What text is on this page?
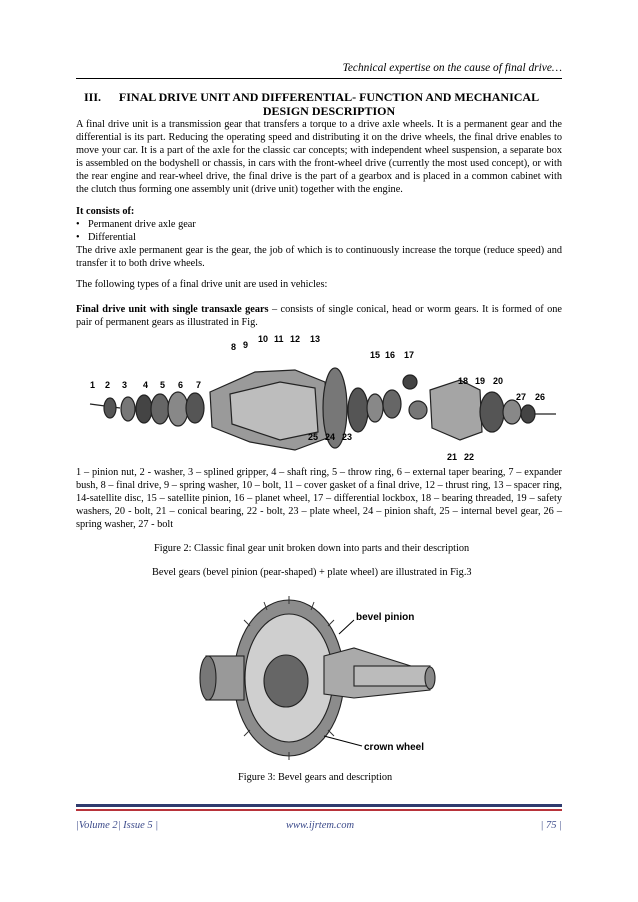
Technical expertise on the cause of final drive…
III.	FINAL DRIVE UNIT AND DIFFERENTIAL- FUNCTION AND MECHANICAL DESIGN DESCRIPTION

A final drive unit is a transmission gear that transfers a torque to a drive axle wheels. It is a permanent gear and the differential is its part. Reducing the operating speed and distributing it on the drive wheels, the final drive enables to move your car. It is a part of the axle for the classic car concepts; with independent wheel suspension, a separate box is assembled on the bodyshell or chassis, in cars with the front-wheel drive (currently the most used concept), or with the rear engine and rear-wheel drive, the final drive is the part of a gearbox and is placed in a common cabinet with the clutch thus forming one assembly unit (drive unit) together with the engine.

It consists of:

• Permanent drive axle gear
• Differential

The drive axle permanent gear is the gear, the job of which is to continuously increase the torque (reduce speed) and transfer it to both drive wheels.

The following types of a final drive unit are used in vehicles:

Final drive unit with single transaxle gears – consists of single conical, head or worm gears. It is formed of one pair of permanent gears as illustrated in Fig.

1 2 3 4 5 6 7
8 9
10 11 12 13
15 16 17
18 19 20
21 22
23
24
25
26
27

1 – pinion nut, 2 - washer, 3 – splined gripper, 4 – shaft ring, 5 – throw ring, 6 – external taper bearing, 7 – expander bush, 8 – final drive, 9 – spring washer, 10 – bolt, 11 – cover gasket of a final drive, 12 – thrust ring, 13 – spacer ring, 14-satellite disc, 15 – satellite pinion, 16 – planet wheel, 17 – differential lockbox, 18 – bearing threaded, 19 – safety washers, 20 - bolt, 21 – conical bearing, 22 - bolt, 23 – plate wheel, 24 – pinion shaft, 25 – internal bevel gear, 26 – spring washer, 27 - bolt

Figure 2: Classic final gear unit broken down into parts and their description
Bevel gears (bevel pinion (pear-shaped) + plate wheel) are illustrated in Fig.3
bevel pinion
crown wheel
Figure 3: Bevel gears and description
|Volume 2| Issue 5 |	www.ijrtem.com	| 75 |
